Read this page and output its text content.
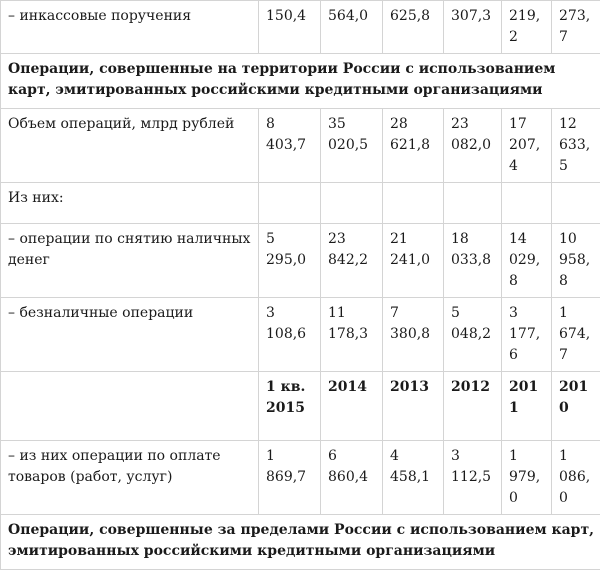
– инкассовые поручения	150,4	564,0	625,8	307,3	219,2	273,7
Операции, совершенные на территории России с использованием карт, эмитированных российскими кредитными организациями						
Объем операций, млрд рублей	8 403,7	35 020,5	28 621,8	23 082,0	17 207,4	12 633,5
Из них:						
– операции по снятию наличных денег	5 295,0	23 842,2	21 241,0	18 033,8	14 029,8	10 958,8
– безналичные операции	3 108,6	11 178,3	7 380,8	5 048,2	3 177,6	1 674,7
	1 кв. 2015	2014	2013	2012	2011	2010
– из них операции по оплате товаров (работ, услуг)	1 869,7	6 860,4	4 458,1	3 112,5	1 979,0	1 086,0
Операции, совершенные за пределами России с использованием карт, эмитированных российскими кредитными организациями						
